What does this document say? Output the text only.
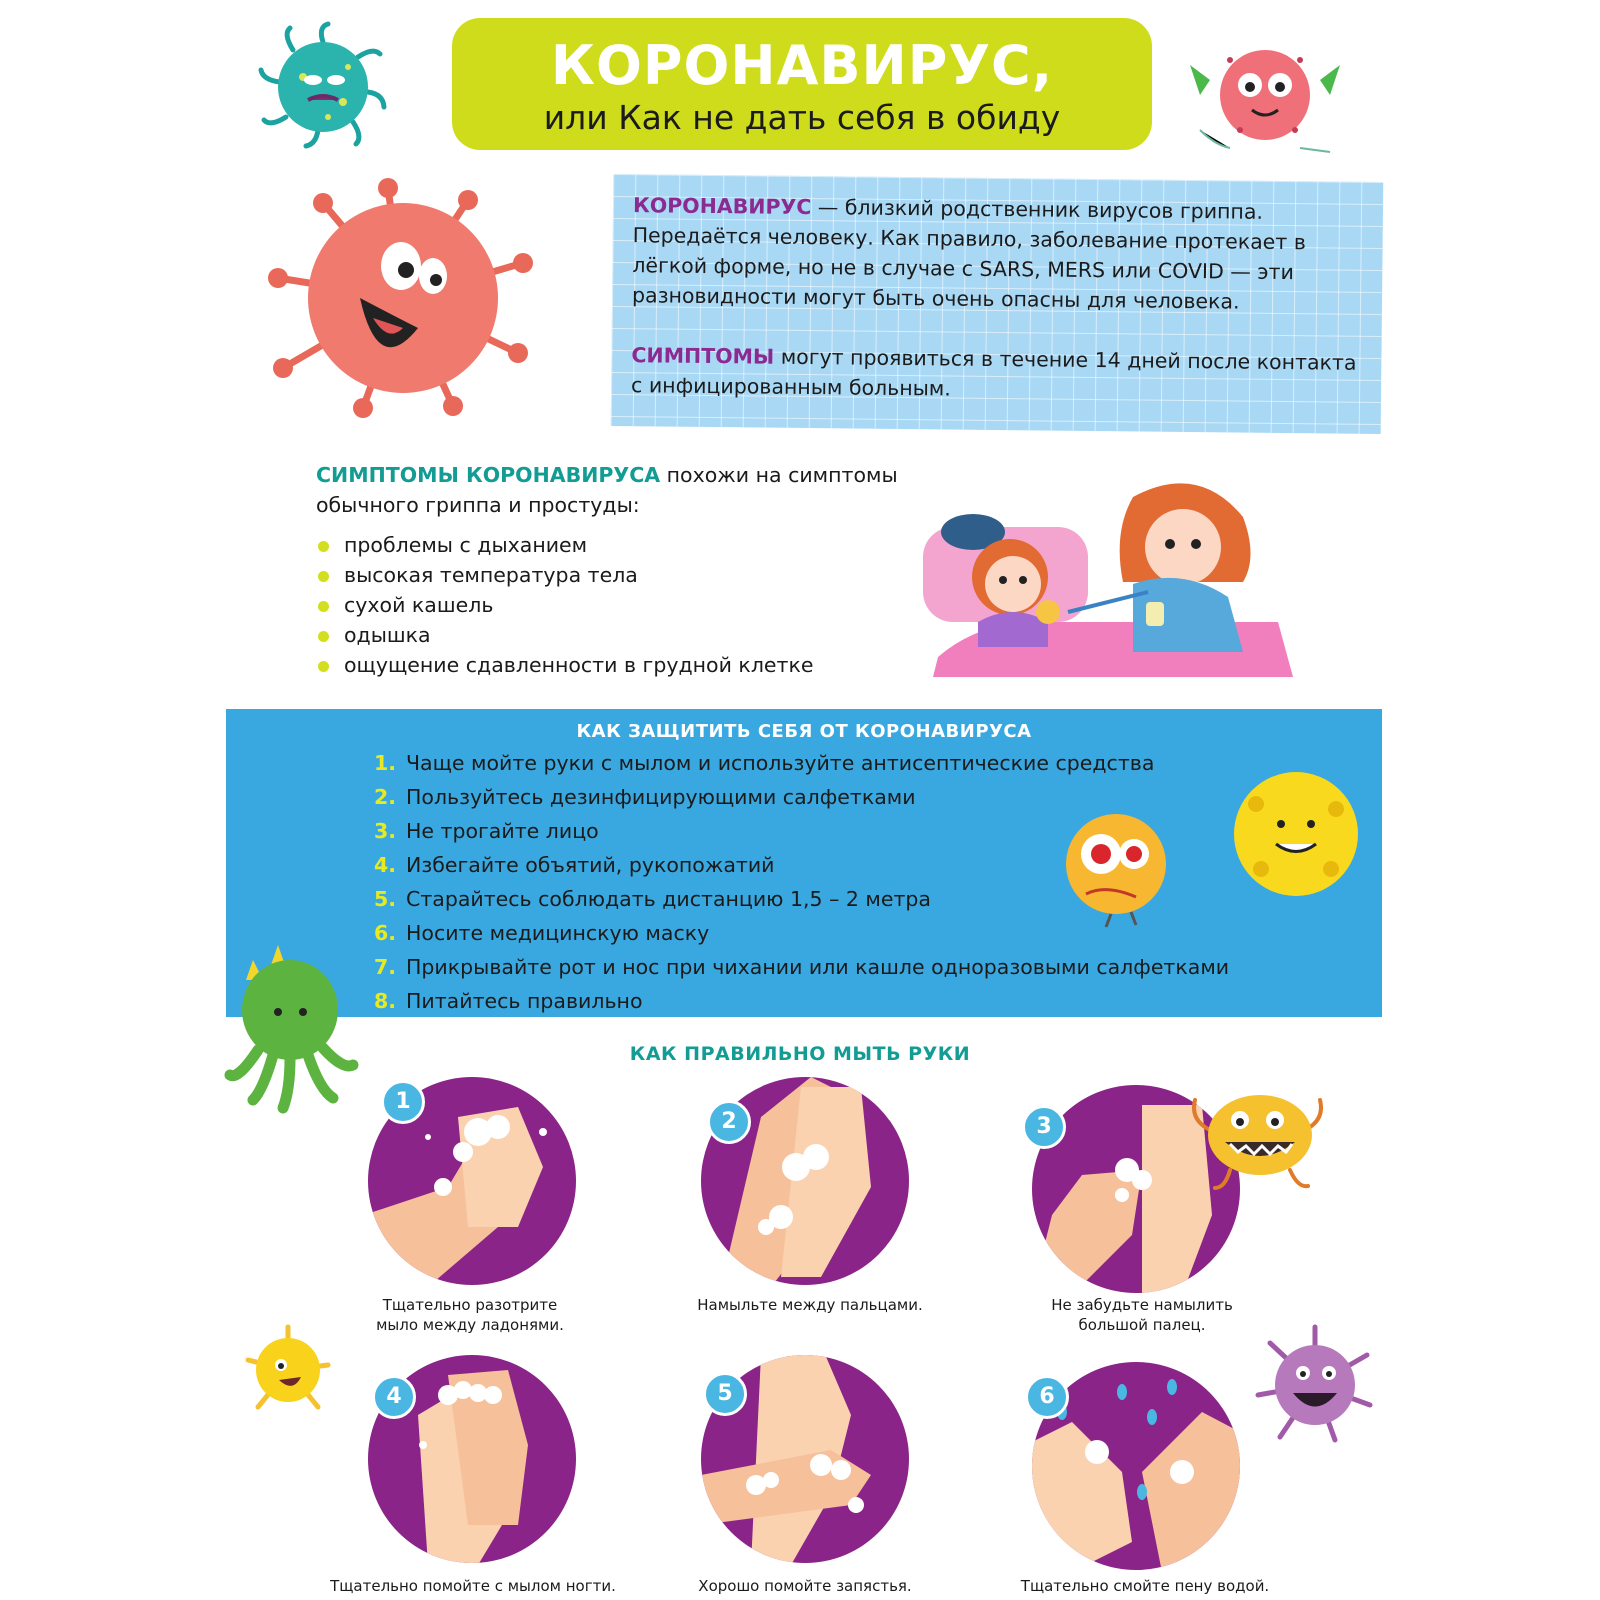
КОРОНАВИРУС,
или Как не дать себя в обиду

КОРОНАВИРУС — близкий родственник вирусов гриппа. Передаётся человеку. Как правило, заболевание протекает в лёгкой форме, но не в случае с SARS, MERS или COVID — эти разновидности могут быть очень опасны для человека.

СИМПТОМЫ могут проявиться в течение 14 дней после контакта с инфицированным больным.

СИМПТОМЫ КОРОНАВИРУСА похожи на симптомы обычного гриппа и простуды:
проблемы с дыханием
высокая температура тела
сухой кашель
одышка
ощущение сдавленности в грудной клетке
КАК ЗАЩИТИТЬ СЕБЯ ОТ КОРОНАВИРУСА
1. Чаще мойте руки с мылом и используйте антисептические средства
2. Пользуйтесь дезинфицирующими салфетками
3. Не трогайте лицо
4. Избегайте объятий, рукопожатий
5. Старайтесь соблюдать дистанцию 1,5 – 2 метра
6. Носите медицинскую маску
7. Прикрывайте рот и нос при чихании или кашле одноразовыми салфетками
8. Питайтесь правильно
КАК ПРАВИЛЬНО МЫТЬ РУКИ
1
Тщательно разотрите
мыло между ладонями.
2
Намыльте между пальцами.
3
Не забудьте намылить
большой палец.
4
Тщательно помойте с мылом ногти.
5
Хорошо помойте запястья.
6
Тщательно смойте пену водой.
